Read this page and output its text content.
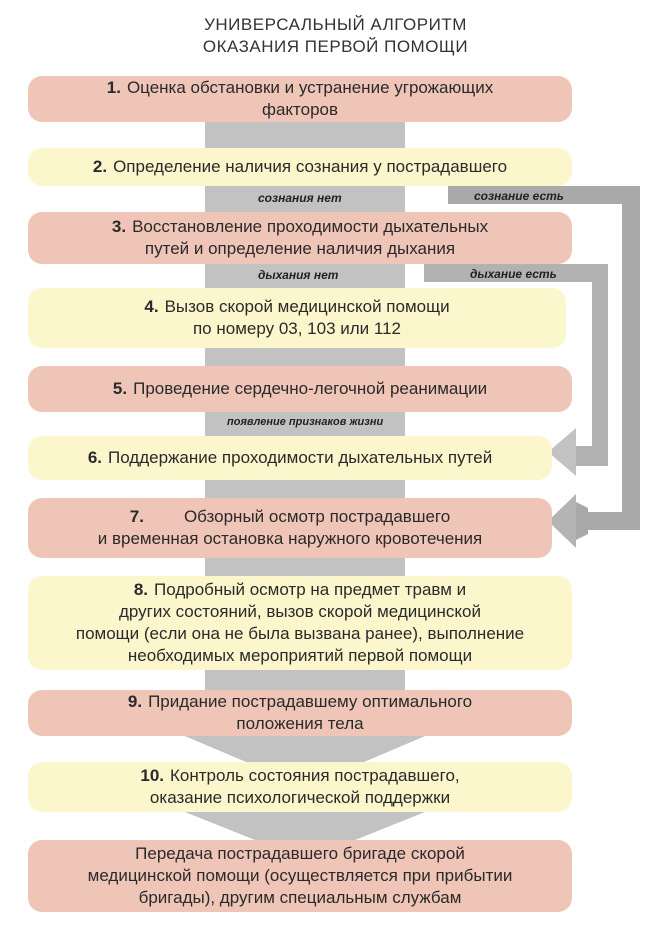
УНИВЕРСАЛЬНЫЙ АЛГОРИТМ
ОКАЗАНИЯ ПЕРВОЙ ПОМОЩИ
сознания нет	сознание есть
дыхания нет	дыхание есть
появление признаков жизни
1. Оценка обстановки и устранение угрожающих
факторов
2. Определение наличия сознания у пострадавшего
3. Восстановление проходимости дыхательных
путей и определение наличия дыхания
4. Вызов скорой медицинской помощи
по номеру 03, 103 или 112
5. Проведение сердечно-легочной реанимации
6. Поддержание проходимости дыхательных путей
7. Обзорный осмотр пострадавшего
и временная остановка наружного кровотечения
8. Подробный осмотр на предмет травм и
других состояний, вызов скорой медицинской
помощи (если она не была вызвана ранее), выполнение
необходимых мероприятий первой помощи
9. Придание пострадавшему оптимального
положения тела
10. Контроль состояния пострадавшего,
оказание психологической поддержки
Передача пострадавшего бригаде скорой
медицинской помощи (осуществляется при прибытии
бригады), другим специальным службам
